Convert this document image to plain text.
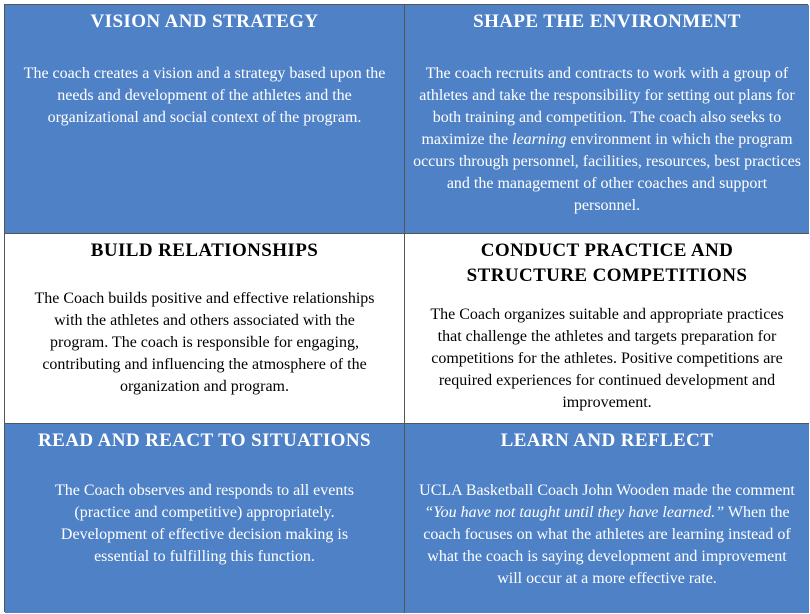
VISION AND STRATEGY
The coach creates a vision and a strategy based upon the needs and development of the athletes and the organizational and social context of the program.
SHAPE THE ENVIRONMENT
The coach recruits and contracts to work with a group of athletes and take the responsibility for setting out plans for both training and competition. The coach also seeks to maximize the learning environment in which the program occurs through personnel, facilities, resources, best practices and the management of other coaches and support personnel.
BUILD RELATIONSHIPS
The Coach builds positive and effective relationships with the athletes and others associated with the program. The coach is responsible for engaging, contributing and influencing the atmosphere of the organization and program.
CONDUCT PRACTICE AND
STRUCTURE COMPETITIONS
The Coach organizes suitable and appropriate practices that challenge the athletes and targets preparation for competitions for the athletes. Positive competitions are required experiences for continued development and improvement.
READ AND REACT TO SITUATIONS
The Coach observes and responds to all events (practice and competitive) appropriately. Development of effective decision making is essential to fulfilling this function.
LEARN AND REFLECT
UCLA Basketball Coach John Wooden made the comment “You have not taught until they have learned.” When the coach focuses on what the athletes are learning instead of what the coach is saying development and improvement will occur at a more effective rate.
